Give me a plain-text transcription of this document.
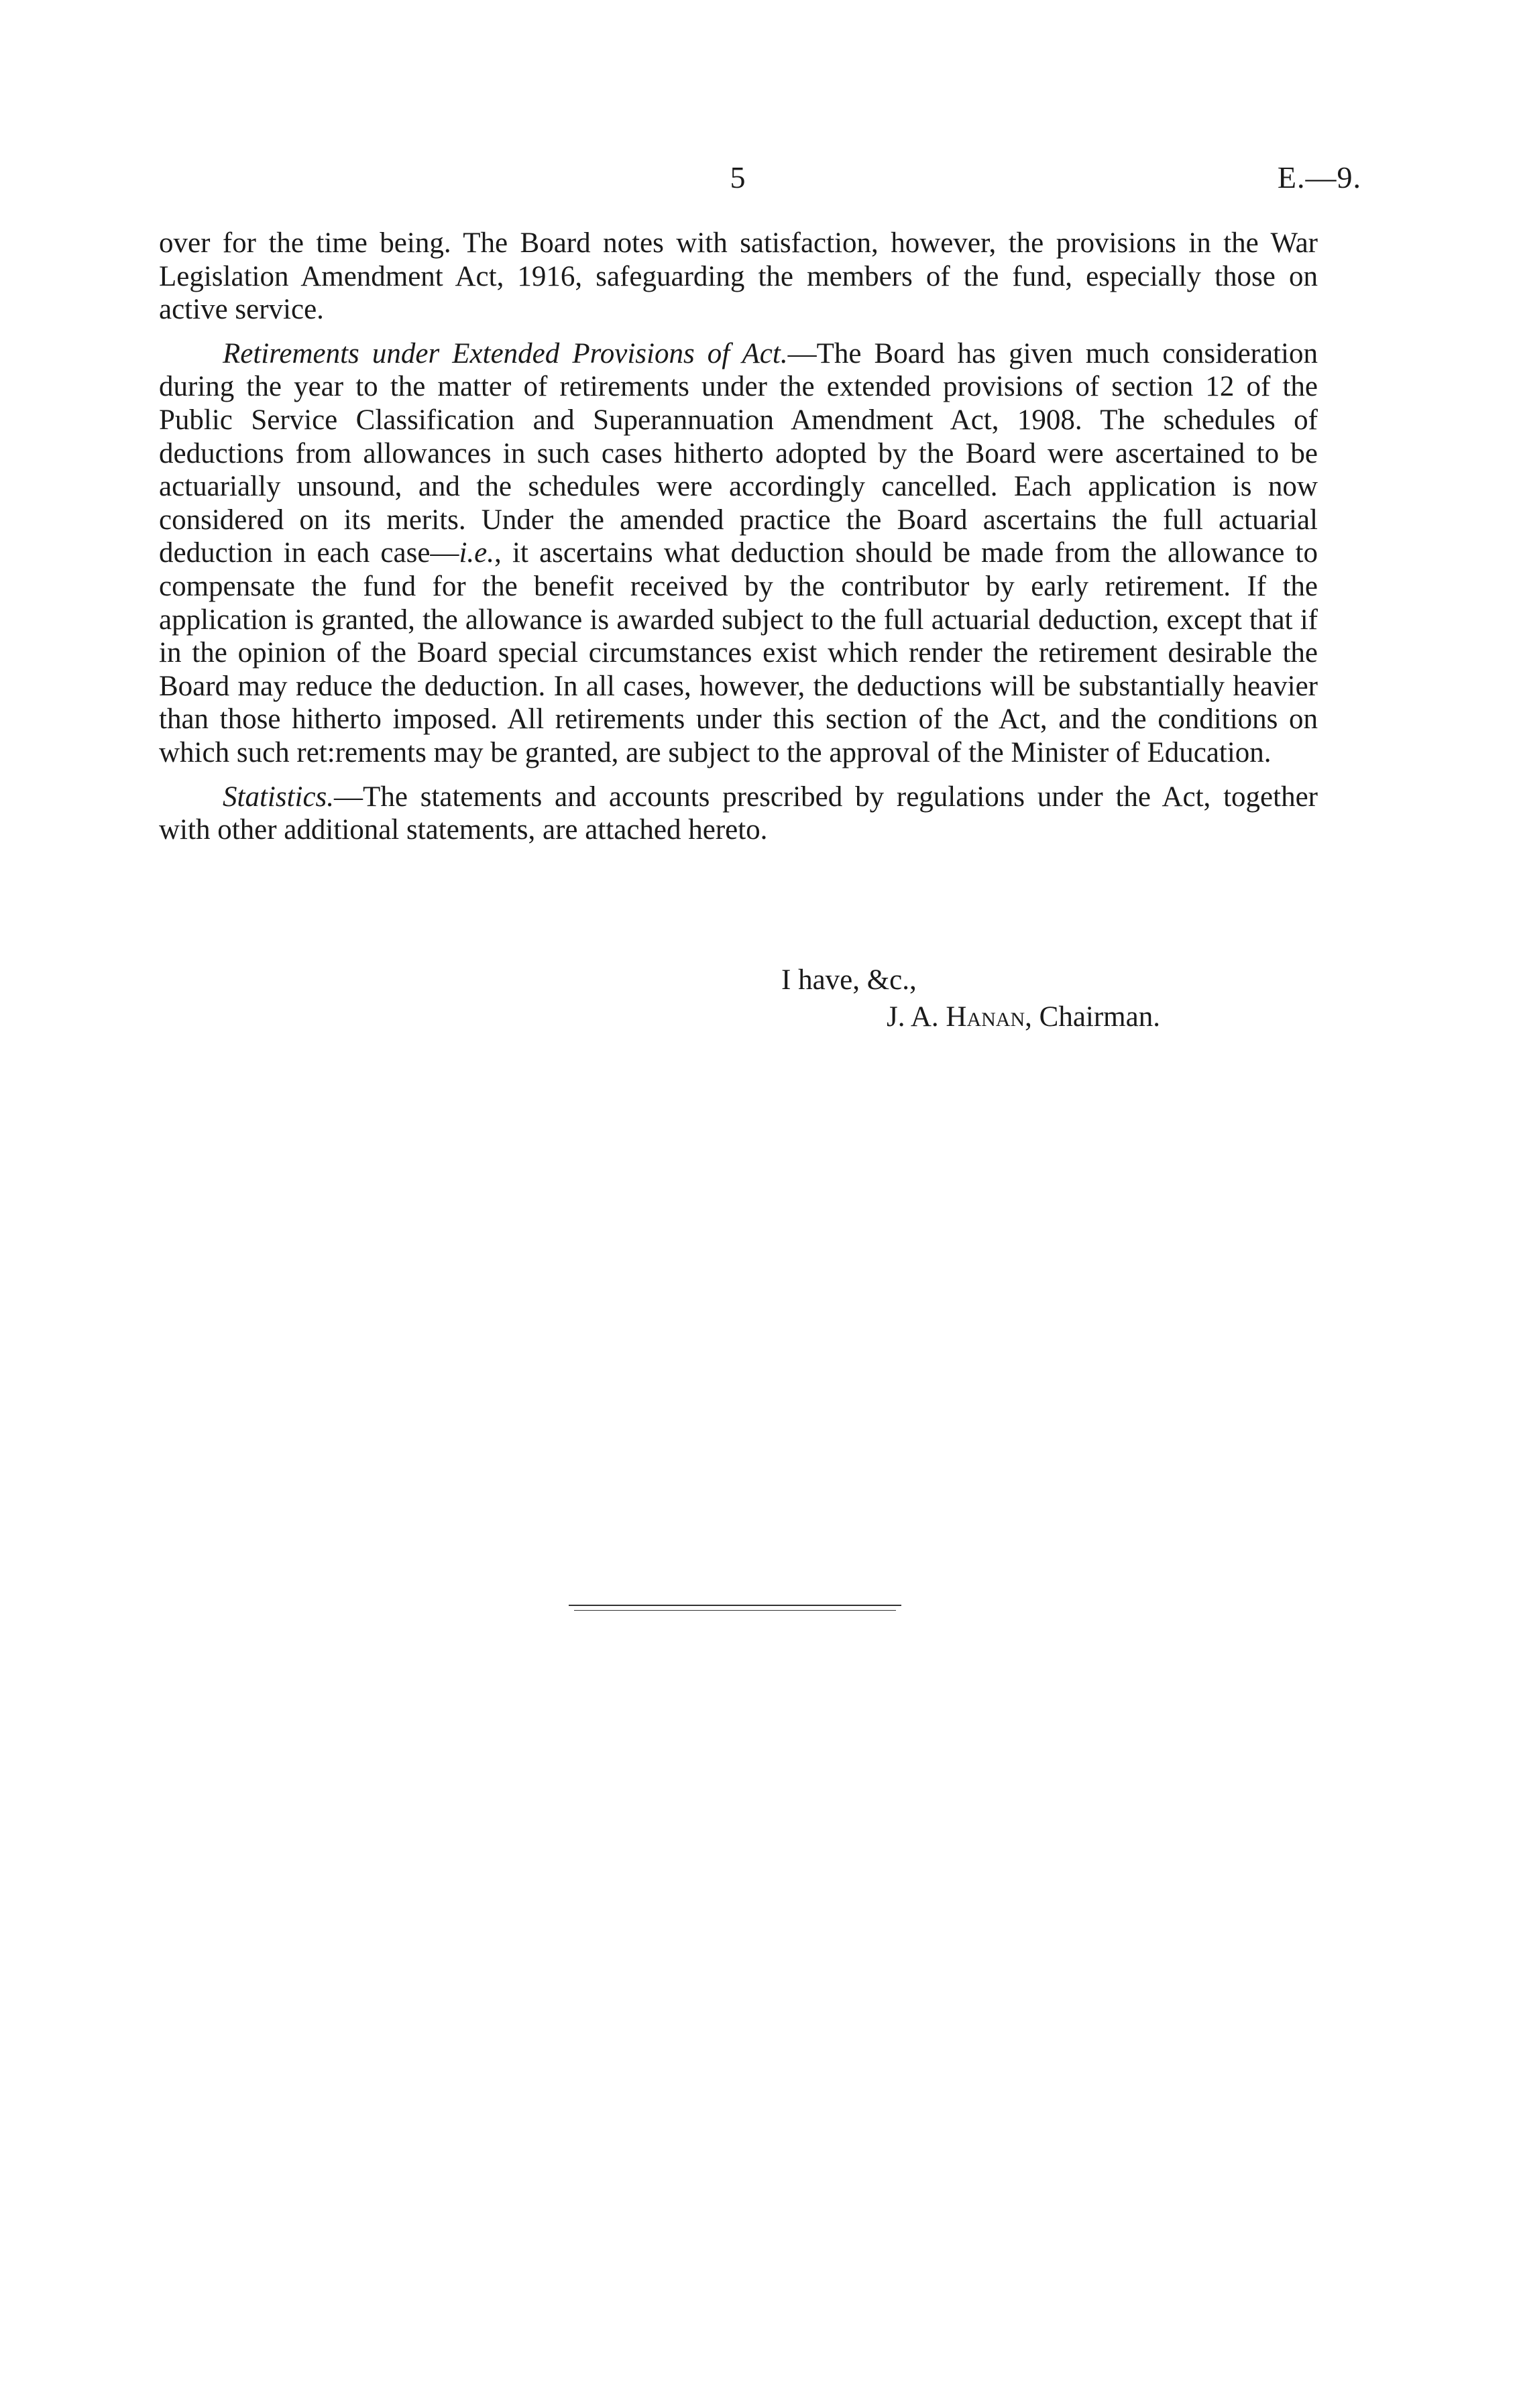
5	E.—9.

over for the time being. The Board notes with satisfaction, however, the provisions in the War Legislation Amendment Act, 1916, safeguarding the members of the fund, especially those on active service.

Retirements under Extended Provisions of Act.—The Board has given much consideration during the year to the matter of retirements under the extended provisions of section 12 of the Public Service Classification and Superannuation Amendment Act, 1908. The schedules of deductions from allowances in such cases hitherto adopted by the Board were ascertained to be actuarially unsound, and the schedules were accordingly cancelled. Each application is now considered on its merits. Under the amended practice the Board ascertains the full actuarial deduction in each case—i.e., it ascertains what deduction should be made from the allowance to compensate the fund for the benefit received by the contributor by early retirement. If the application is granted, the allowance is awarded subject to the full actuarial deduction, except that if in the opinion of the Board special circumstances exist which render the retirement desirable the Board may reduce the deduction. In all cases, however, the deductions will be substantially heavier than those hitherto imposed. All retirements under this section of the Act, and the conditions on which such ret:rements may be granted, are subject to the approval of the Minister of Education.

Statistics.—The statements and accounts prescribed by regulations under the Act, together with other additional statements, are attached hereto.

I have, &c.,
J. A. Hanan, Chairman.
